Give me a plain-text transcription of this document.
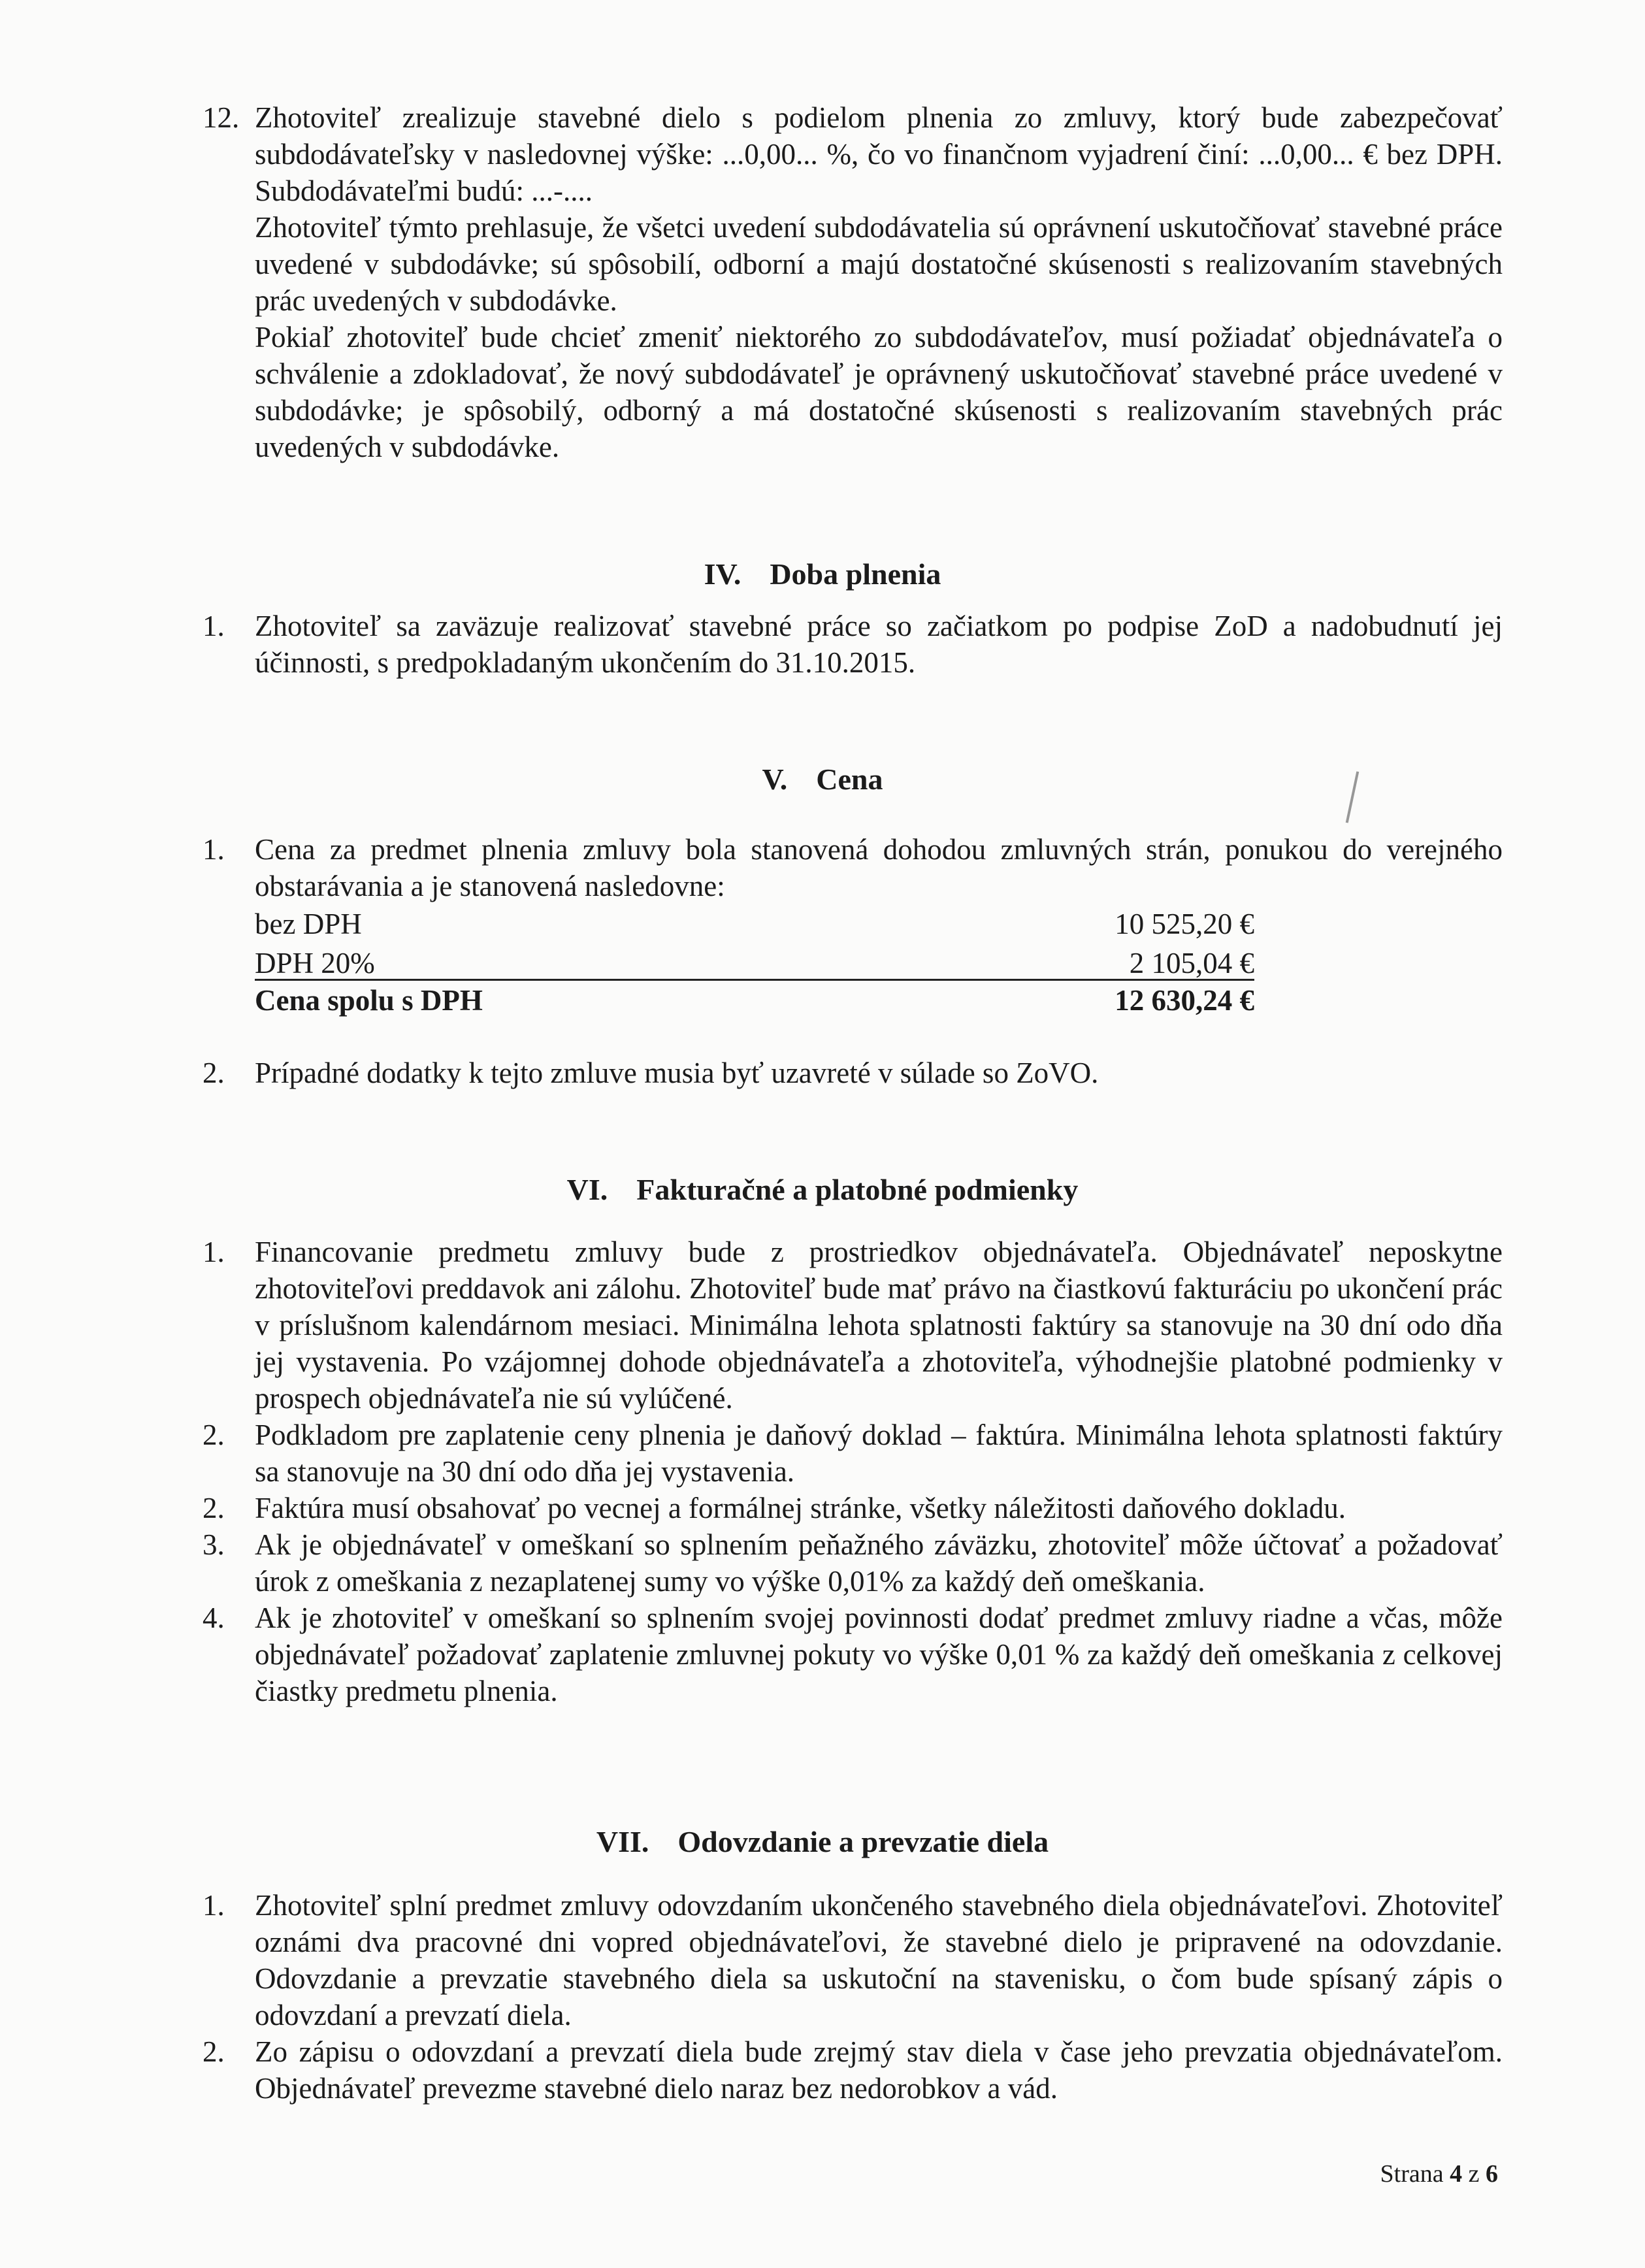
12. Zhotoviteľ zrealizuje stavebné dielo s podielom plnenia zo zmluvy, ktorý bude zabezpečovať subdodávateľsky v nasledovnej výške: ...0,00... %, čo vo finančnom vyjadrení činí: ...0,00... € bez DPH. Subdodávateľmi budú: ...-....
Zhotoviteľ týmto prehlasuje, že všetci uvedení subdodávatelia sú oprávnení uskutočňovať stavebné práce uvedené v subdodávke; sú spôsobilí, odborní a majú dostatočné skúsenosti s realizovaním stavebných prác uvedených v subdodávke.
Pokiaľ zhotoviteľ bude chcieť zmeniť niektorého zo subdodávateľov, musí požiadať objednávateľa o schválenie a zdokladovať, že nový subdodávateľ je oprávnený uskutočňovať stavebné práce uvedené v subdodávke; je spôsobilý, odborný a má dostatočné skúsenosti s realizovaním stavebných prác uvedených v subdodávke.
IV. Doba plnenia
1. Zhotoviteľ sa zaväzuje realizovať stavebné práce so začiatkom po podpise ZoD a nadobudnutí jej účinnosti, s predpokladaným ukončením do 31.10.2015.
V. Cena
1. Cena za predmet plnenia zmluvy bola stanovená dohodou zmluvných strán, ponukou do verejného obstarávania a je stanovená nasledovne:
bez DPH	10 525,20 €
DPH 20%	2 105,04 €
Cena spolu s DPH	12 630,24 €
2. Prípadné dodatky k tejto zmluve musia byť uzavreté v súlade so ZoVO.
VI. Fakturačné a platobné podmienky
1. Financovanie predmetu zmluvy bude z prostriedkov objednávateľa. Objednávateľ neposkytne zhotoviteľovi preddavok ani zálohu. Zhotoviteľ bude mať právo na čiastkovú fakturáciu po ukončení prác v príslušnom kalendárnom mesiaci. Minimálna lehota splatnosti faktúry sa stanovuje na 30 dní odo dňa jej vystavenia. Po vzájomnej dohode objednávateľa a zhotoviteľa, výhodnejšie platobné podmienky v prospech objednávateľa nie sú vylúčené.
2. Podkladom pre zaplatenie ceny plnenia je daňový doklad – faktúra. Minimálna lehota splatnosti faktúry sa stanovuje na 30 dní odo dňa jej vystavenia.
2. Faktúra musí obsahovať po vecnej a formálnej stránke, všetky náležitosti daňového dokladu.
3. Ak je objednávateľ v omeškaní so splnením peňažného záväzku, zhotoviteľ môže účtovať a požadovať úrok z omeškania z nezaplatenej sumy vo výške 0,01% za každý deň omeškania.
4. Ak je zhotoviteľ v omeškaní so splnením svojej povinnosti dodať predmet zmluvy riadne a včas, môže objednávateľ požadovať zaplatenie zmluvnej pokuty vo výške 0,01 % za každý deň omeškania z celkovej čiastky predmetu plnenia.
VII. Odovzdanie a prevzatie diela
1. Zhotoviteľ splní predmet zmluvy odovzdaním ukončeného stavebného diela objednávateľovi. Zhotoviteľ oznámi dva pracovné dni vopred objednávateľovi, že stavebné dielo je pripravené na odovzdanie. Odovzdanie a prevzatie stavebného diela sa uskutoční na stavenisku, o čom bude spísaný zápis o odovzdaní a prevzatí diela.
2. Zo zápisu o odovzdaní a prevzatí diela bude zrejmý stav diela v čase jeho prevzatia objednávateľom. Objednávateľ prevezme stavebné dielo naraz bez nedorobkov a vád.
Strana 4 z 6
